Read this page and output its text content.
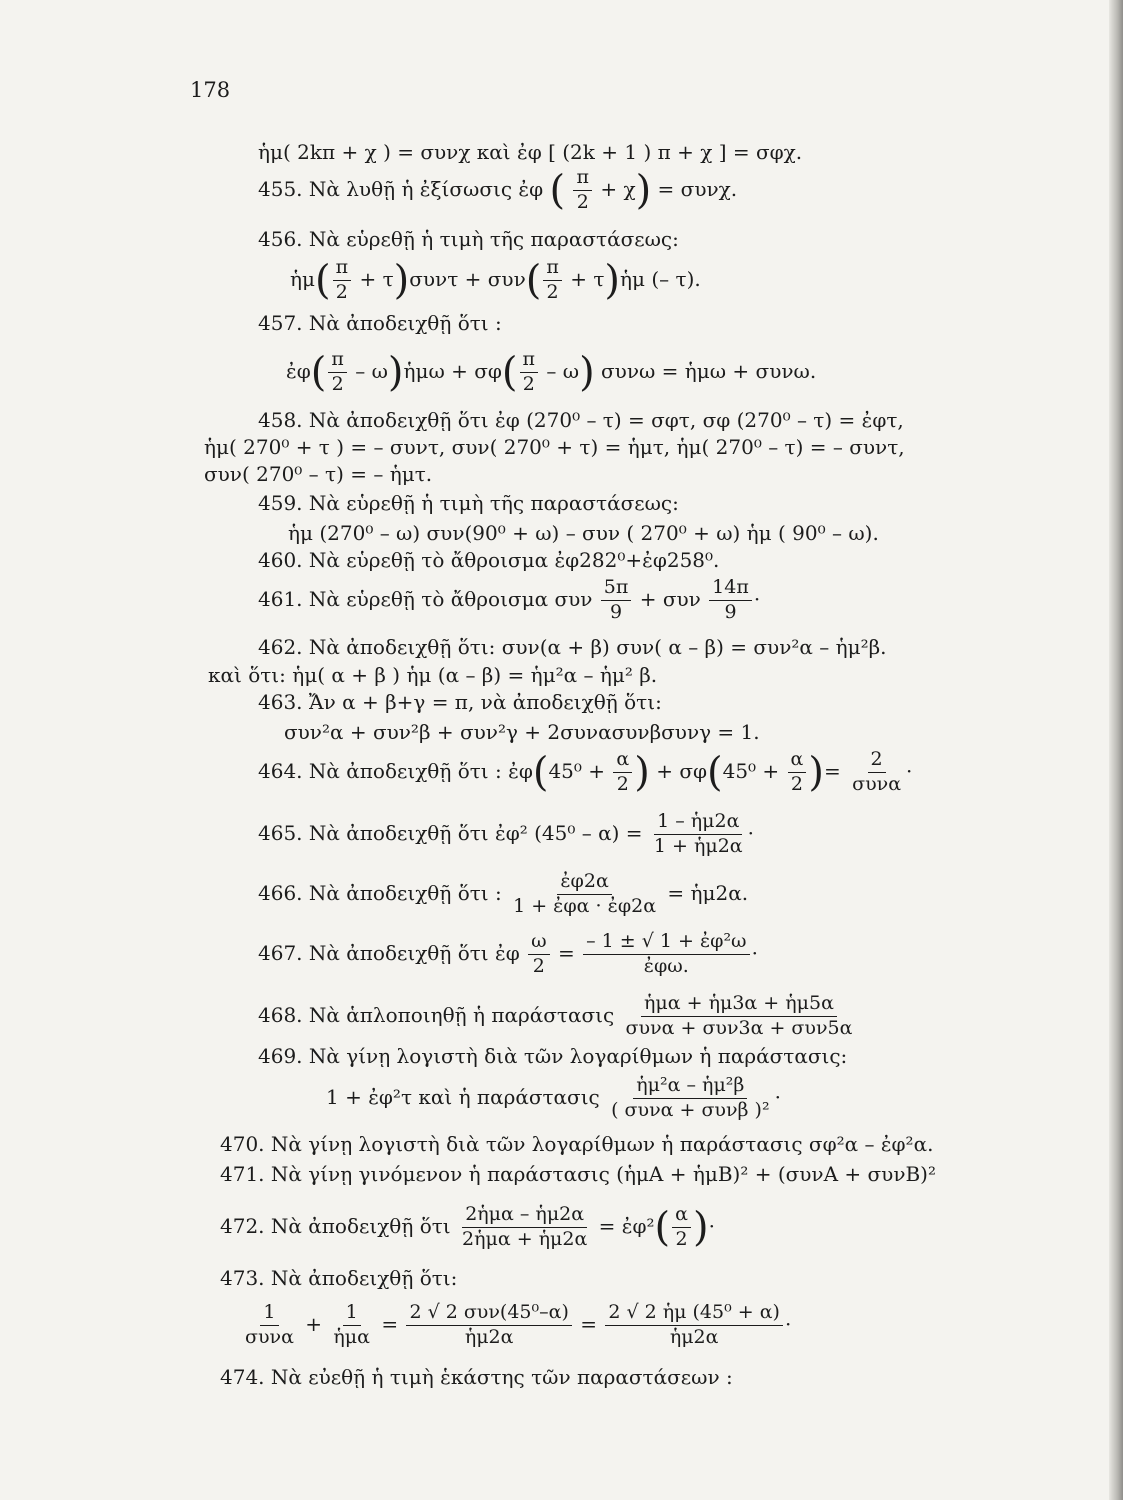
178
ἡμ( 2kπ + χ ) = συνχ καὶ ἐφ [ (2k + 1 ) π + χ ] = σφχ.
455. Νὰ λυθῇ ἡ ἐξίσωσις ἐφ ( $\frac{\pi}{2} + \chi) = \sigma\upsilon\nu\chi$.
456. Νὰ εὑρεθῇ ἡ τιμὴ τῆς παραστάσεως:
ἡμ( $\frac{\pi}{2} + \tau)\sigma\upsilon\nu\tau + \sigma\upsilon\nu( \frac{\pi}{2}$ + τ)ἡμ (– τ).
457. Νὰ ἀποδειχθῇ ὅτι :
ἐφ( $\frac{\pi}{2}$ – ω)ἡμω + $\sigma\varphi( \frac{\pi}{2} - \omega)$ συνω = ἡμω + συνω.
458. Νὰ ἀποδειχθῇ ὅτι ἐφ (270⁰ – τ) = σφτ, σφ (270⁰ – τ) = ἐφτ,
ἡμ( 270⁰ + τ ) = – συντ, συν( 270⁰ + τ) = ἡμτ, ἡμ( 270⁰ – τ) = – συντ,
συν( 270⁰ – τ) = – ἡμτ.
459. Νὰ εὑρεθῇ ἡ τιμὴ τῆς παραστάσεως:
ἡμ (270⁰ – ω) συν(90⁰ + ω) – συν ( 270⁰ + ω) ἡμ ( 90⁰ – ω).
460. Νὰ εὑρεθῇ τὸ ἄθροισμα ἐφ282⁰+ἐφ258⁰.
461. Νὰ εὑρεθῇ τὸ ἄθροισμα συν $\frac{5\pi}{9} + \sigma\upsilon\nu \frac{14\pi}{9}$ ·
462. Νὰ ἀποδειχθῇ ὅτι: συν(α + β) συν( α – β) = συν²α – ἡμ²β.
καὶ ὅτι: ἡμ( α + β ) ἡμ (α – β) = ἡμ²α – ἡμ² β.
463. Ἄν α + β+γ = π, νὰ ἀποδειχθῇ ὅτι:
συν²α + συν²β + συν²γ + 2συνασυνβσυνγ = 1.
464. Νὰ ἀποδειχθῇ ὅτι : ἐφ(45⁰ + $\frac{\alpha}{2}$ ) + $\sigma\varphi(45^0 + \frac{\alpha}{2}$ )= $\frac{2}{\text{συνα}}$ ·
465. Νὰ ἀποδειχθῇ ὅτι ἐφ² $(45^0 - \alpha) = \frac{\text{1 – ἡμ2α}}{\text{1 + ἡμ2α}}$ ·
466. Νὰ ἀποδειχθῇ ὅτι : $\frac{\text{ἐφ2α}}{\text{1 + ἐφα · ἐφ2α}}$ = ἡμ2α.
467. Νὰ ἀποδειχθῇ ὅτι ἐφ $\frac{\omega}{2} = \frac{\text{– 1 ± √ 1 + ἐφ²ω}}{\text{ἐφω.}}$ ·
468. Νὰ ἁπλοποιηθῇ ἡ παράστασις $\frac{\text{ἡμα + ἡμ3α + ἡμ5α}}{\text{συνα + συν3α + συν5α}}$
469. Νὰ γίνῃ λογιστὴ διὰ τῶν λογαρίθμων ἡ παράστασις:
1 + ἐφ²τ καὶ ἡ παράστασις $\frac{\text{ἡμ²α – ἡμ²β}}{\text{( συνα + συνβ )²}}$ ·
470. Νὰ γίνῃ λογιστὴ διὰ τῶν λογαρίθμων ἡ παράστασις σφ²α – ἐφ²α.
471. Νὰ γίνῃ γινόμενον ἡ παράστασις (ἡμΑ + ἡμΒ)² + (συνΑ + συνΒ)²
472. Νὰ ἀποδειχθῇ ὅτι $\frac{\text{2ἡμα – ἡμ2α}}{\text{2ἡμα + ἡμ2α}}$ = ἐφ²( $\frac{\alpha}{2}$ )·
473. Νὰ ἀποδειχθῇ ὅτι:
$\frac{1}{\text{συνα}} + \frac{1}{\text{ἡμα}} = \frac{\text{2 √ 2 συν(45⁰–α)}}{\text{ἡμ2α}} = \frac{\text{2 √ 2 ἡμ (45⁰ + α)}}{\text{ἡμ2α}}$ ·
474. Νὰ εὐεθῇ ἡ τιμὴ ἑκάστης τῶν παραστάσεων :
